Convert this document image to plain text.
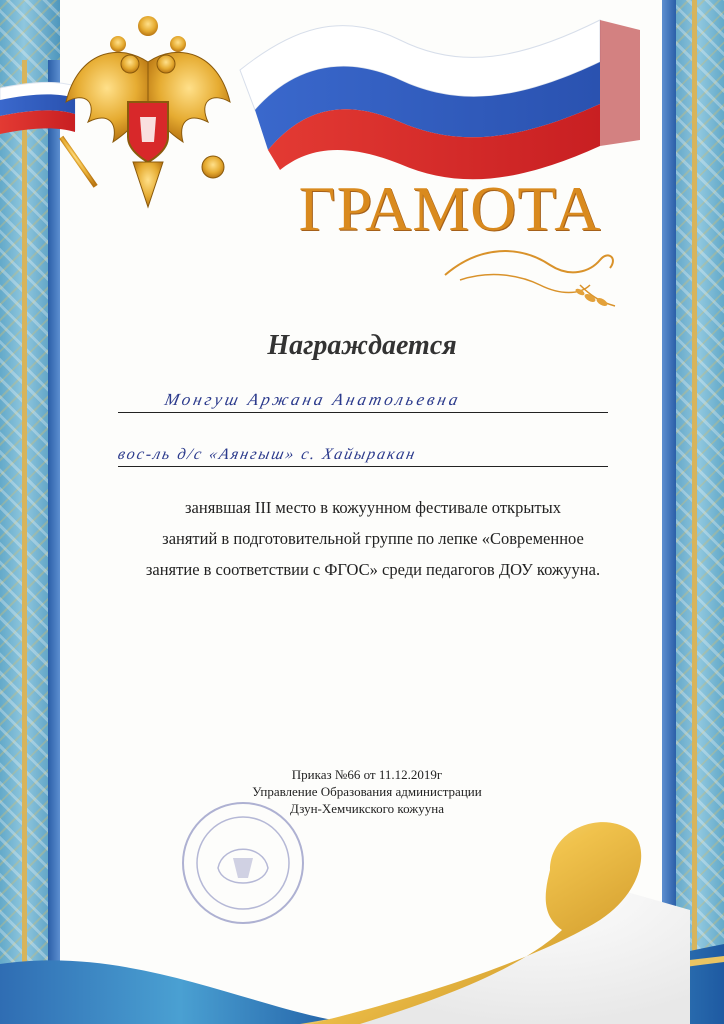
ГРАМОТА
Награждается
Монгуш Аржана Анатольевна
вос-ль д/с «Аянгыш» с. Хайыракан
занявшая III место в кожуунном фестивале открытых
занятий в подготовительной группе по лепке «Современное
занятие в соответствии с ФГОС» среди педагогов ДОУ кожууна.
Приказ №66 от 11.12.2019г
Управление Образования администрации
Дзун-Хемчикского кожууна
